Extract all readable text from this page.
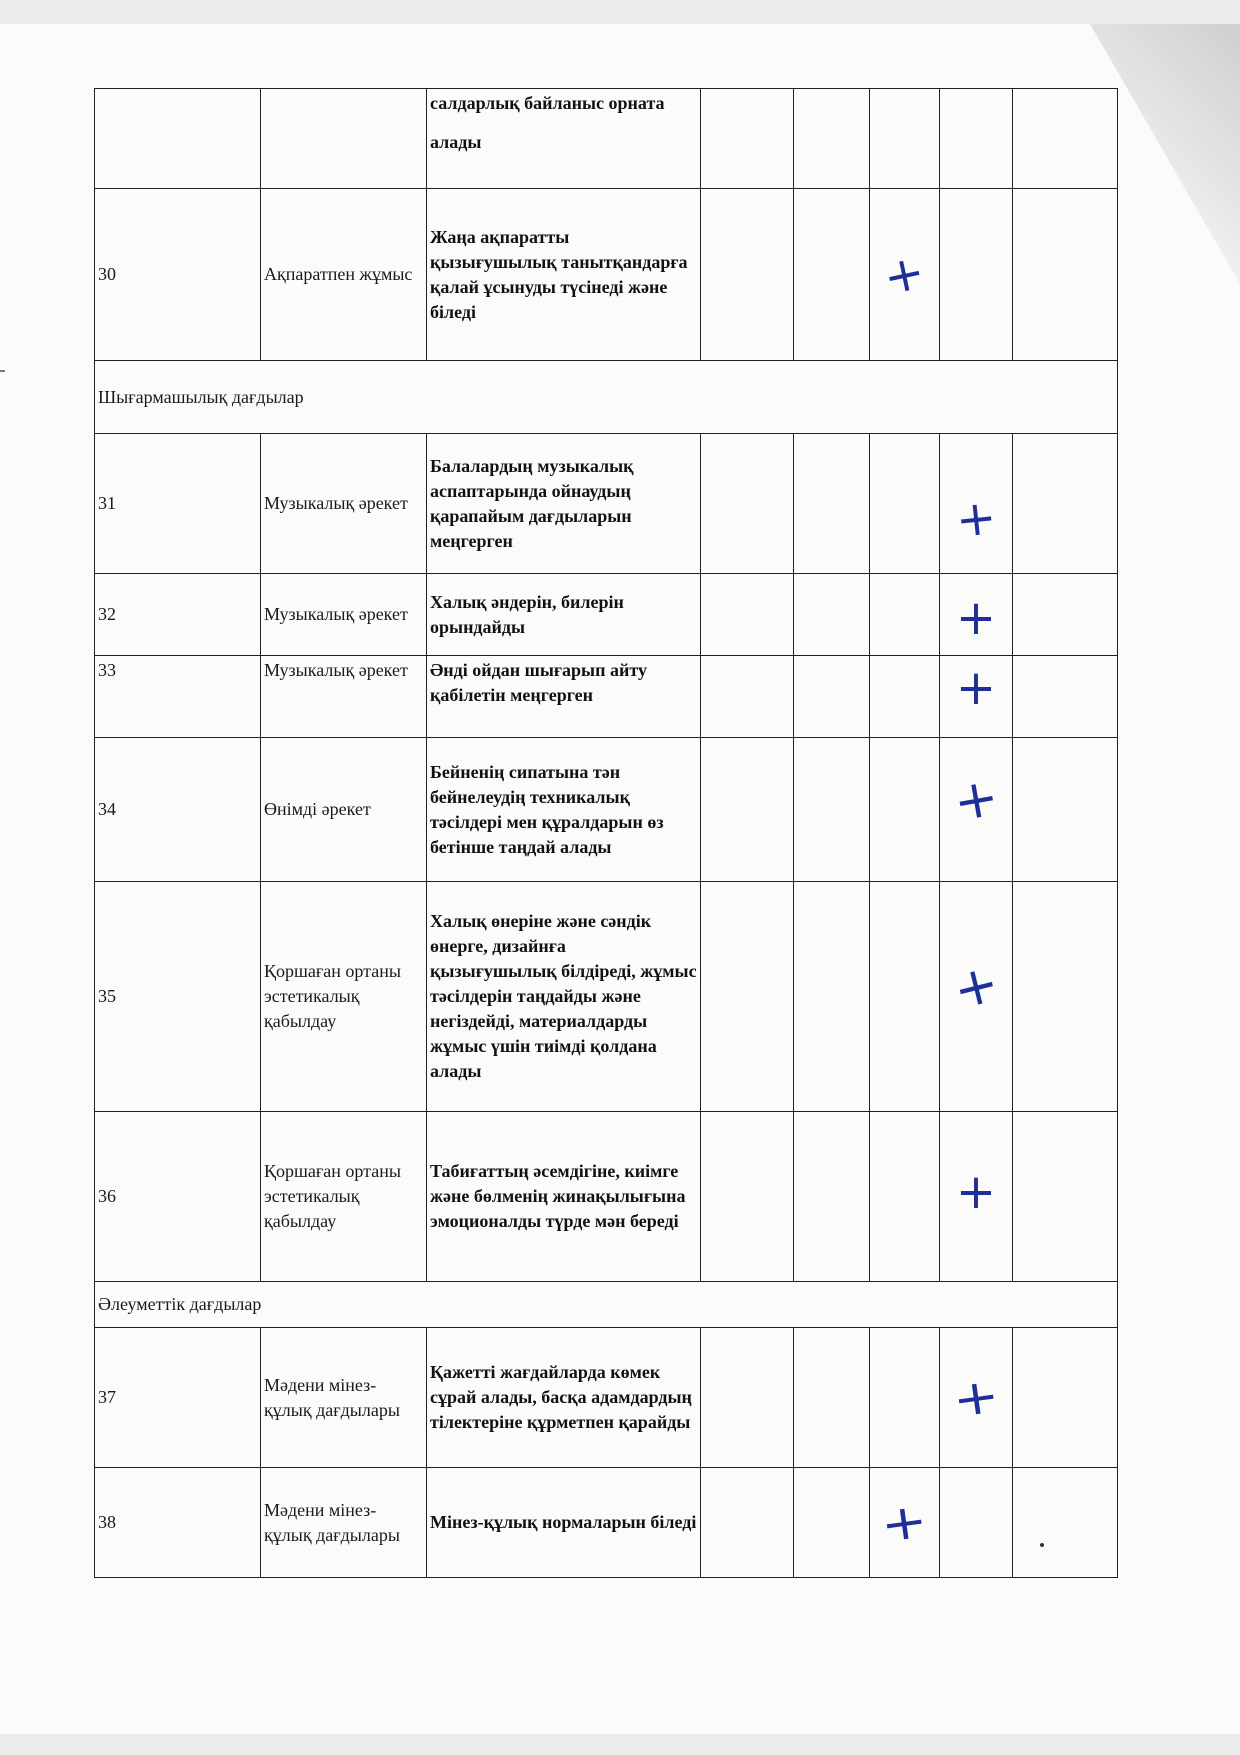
		салдарлық байланыс орната
алады					

30	Ақпаратпен жұмыс	Жаңа ақпаратты қызығушылық танытқандарға қалай ұсынуды түсінеді және біледі			+		
Шығармашылық дағдылар							
31	Музыкалық әрекет	Балалардың музыкалық аспаптарында ойнаудың қарапайым дағдыларын меңгерген				+	
32	Музыкалық әрекет	Халық әндерін, билерін орындайды				+	
33	Музыкалық әрекет	Әнді ойдан шығарып айту қабілетін меңгерген				+	
34	Өнімді әрекет	Бейненің сипатына тән бейнелеудің техникалық тәсілдері мен құралдарын өз бетінше таңдай алады				+	
35	Қоршаған ортаны эстетикалық қабылдау	Халық өнеріне және сәндік өнерге, дизайнға қызығушылық білдіреді, жұмыс тәсілдерін таңдайды және негіздейді, материалдарды жұмыс үшін тиімді қолдана алады				+	
36	Қоршаған ортаны эстетикалық қабылдау	Табиғаттың әсемдігіне, киімге және бөлменің жинақылығына эмоционалды түрде мән береді				+	
Әлеуметтік дағдылар							
37	Мәдени мінез-құлық дағдылары	Қажетті жағдайларда көмек сұрай алады, басқа адамдардың тілектеріне құрметпен қарайды				+	
38	Мәдени мінез-құлық дағдылары	Мінез-құлық нормаларын біледі			+		
